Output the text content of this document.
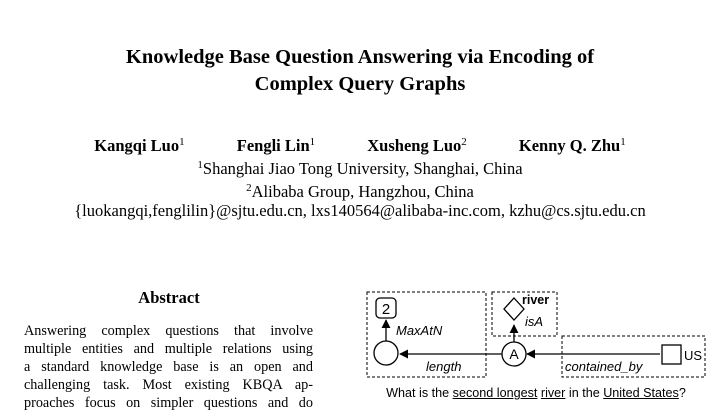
Knowledge Base Question Answering via Encoding of
Complex Query Graphs
Kangqi Luo$^1$	Fengli Lin$^1$	Xusheng Luo$^2$	Kenny Q. Zhu$^1$
$^1$Shanghai Jiao Tong University, Shanghai, China
$^2$Alibaba Group, Hangzhou, China
{luokangqi,fenglilin}@sjtu.edu.cn, lxs140564@alibaba-inc.com, kzhu@cs.sjtu.edu.cn
Abstract
Answering complex questions that involve
multiple entities and multiple relations using
a standard knowledge base is an open and
challenging task. Most existing KBQA ap-
proaches focus on simpler questions and do
2
MaxAtN
length
A
isA
river
contained_by
US
What is the second longest river in the United States?
